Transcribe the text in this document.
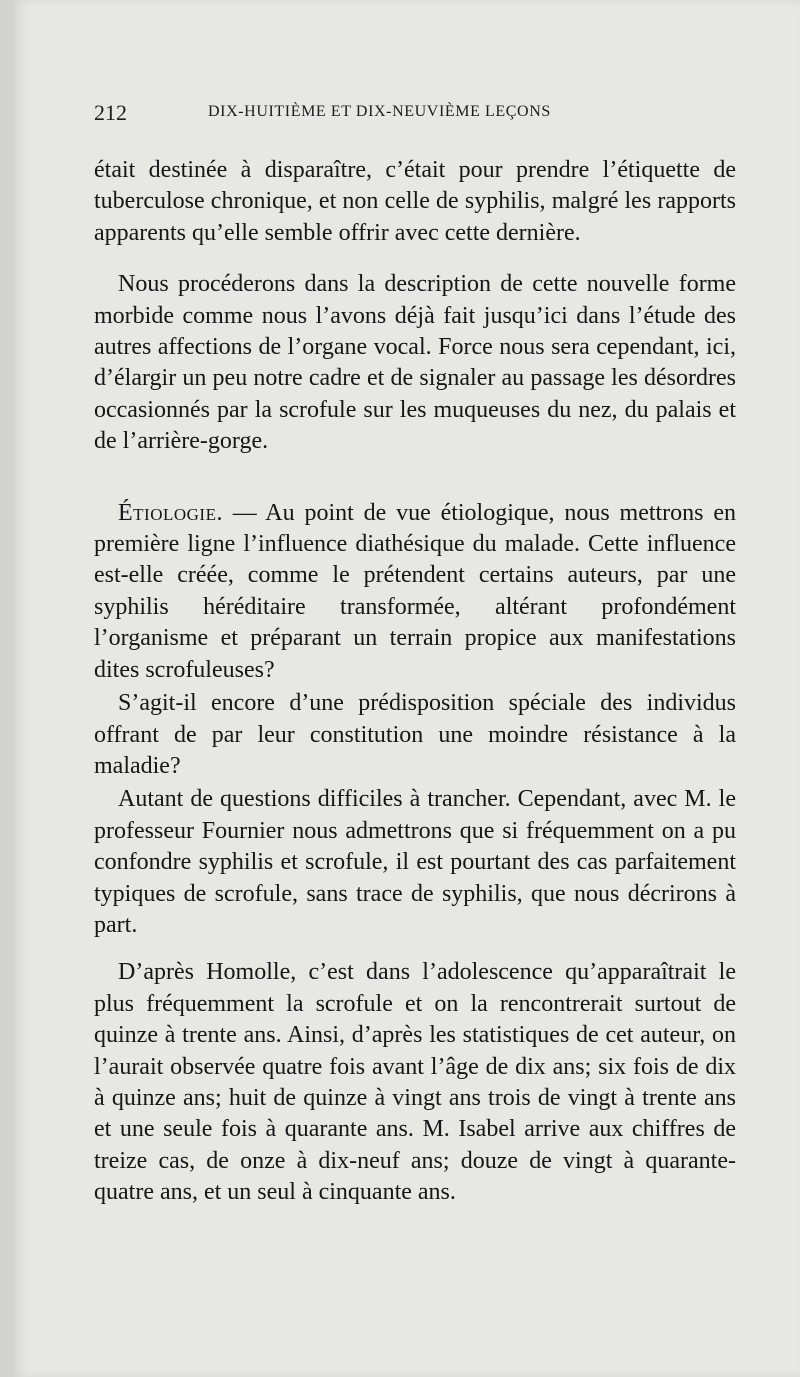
212	DIX-HUITIÈME ET DIX-NEUVIÈME LEÇONS

était destinée à disparaître, c’était pour prendre l’étiquette de tuberculose chronique, et non celle de syphilis, malgré les rapports apparents qu’elle semble offrir avec cette dernière.

Nous procéderons dans la description de cette nouvelle forme morbide comme nous l’avons déjà fait jusqu’ici dans l’étude des autres affections de l’organe vocal. Force nous sera cependant, ici, d’élargir un peu notre cadre et de signaler au passage les désordres occasionnés par la scrofule sur les muqueuses du nez, du palais et de l’arrière-gorge.

Étiologie. — Au point de vue étiologique, nous mettrons en première ligne l’influence diathésique du malade. Cette influence est-elle créée, comme le prétendent certains auteurs, par une syphilis héréditaire transformée, altérant profondément l’organisme et préparant un terrain propice aux manifestations dites scrofuleuses?

S’agit-il encore d’une prédisposition spéciale des individus offrant de par leur constitution une moindre résistance à la maladie?

Autant de questions difficiles à trancher. Cependant, avec M. le professeur Fournier nous admettrons que si fréquemment on a pu confondre syphilis et scrofule, il est pourtant des cas parfaitement typiques de scrofule, sans trace de syphilis, que nous décrirons à part.

D’après Homolle, c’est dans l’adolescence qu’apparaîtrait le plus fréquemment la scrofule et on la rencontrerait surtout de quinze à trente ans. Ainsi, d’après les statistiques de cet auteur, on l’aurait observée quatre fois avant l’âge de dix ans; six fois de dix à quinze ans; huit de quinze à vingt ans trois de vingt à trente ans et une seule fois à quarante ans. M. Isabel arrive aux chiffres de treize cas, de onze à dix-neuf ans; douze de vingt à quarante-quatre ans, et un seul à cinquante ans.
